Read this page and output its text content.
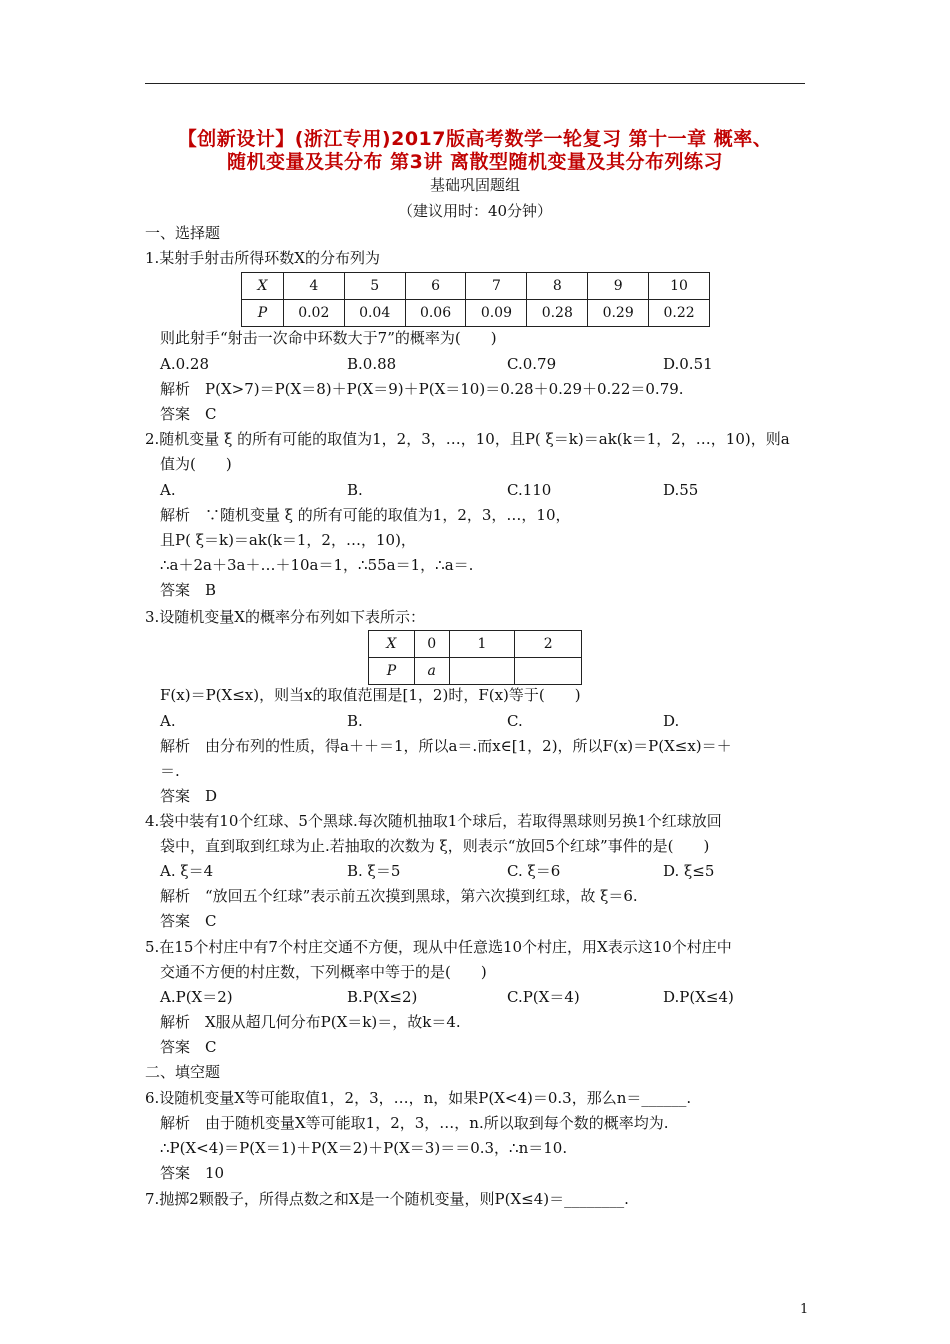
【创新设计】(浙江专用)2017版高考数学一轮复习 第十一章 概率、
随机变量及其分布 第3讲 离散型随机变量及其分布列练习
基础巩固题组
（建议用时：40分钟）
一、选择题
1.某射手射击所得环数X的分布列为
X	4	5	6	7	8	9	10
P	0.02	0.04	0.06	0.09	0.28	0.29	0.22
则此射手“射击一次命中环数大于7”的概率为(　　)
A.0.28	B.0.88	C.0.79	D.0.51
解析　P(X>7)＝P(X＝8)＋P(X＝9)＋P(X＝10)＝0.28＋0.29＋0.22＝0.79.
答案　C
2.随机变量 ξ 的所有可能的取值为1，2，3，…，10，且P( ξ＝k)＝ak(k＝1，2，…，10)，则a
值为(　　)
A.	B.	C.110	D.55
解析　∵随机变量 ξ 的所有可能的取值为1，2，3，…，10，
且P( ξ＝k)＝ak(k＝1，2，…，10)，
∴a＋2a＋3a＋…＋10a＝1，∴55a＝1，∴a＝.
答案　B
3.设随机变量X的概率分布列如下表所示：
X	0	1	2
P	a		
F(x)＝P(X≤x)，则当x的取值范围是[1，2)时，F(x)等于(　　)
A.	B.	C.	D.
解析　由分布列的性质，得a＋＋＝1，所以a＝.而x∈[1，2)，所以F(x)＝P(X≤x)＝＋
＝.
答案　D
4.袋中装有10个红球、5个黑球.每次随机抽取1个球后，若取得黑球则另换1个红球放回
袋中，直到取到红球为止.若抽取的次数为 ξ，则表示“放回5个红球”事件的是(　　)
A. ξ＝4	B. ξ＝5	C. ξ＝6	D. ξ≤5
解析　“放回五个红球”表示前五次摸到黑球，第六次摸到红球，故 ξ＝6.
答案　C
5.在15个村庄中有7个村庄交通不方便，现从中任意选10个村庄，用X表示这10个村庄中
交通不方便的村庄数，下列概率中等于的是(　　)
A.P(X＝2)	B.P(X≤2)	C.P(X＝4)	D.P(X≤4)
解析　X服从超几何分布P(X＝k)＝，故k＝4.
答案　C
二、填空题
6.设随机变量X等可能取值1，2，3，…，n，如果P(X<4)＝0.3，那么n＝______.
解析　由于随机变量X等可能取1，2，3，…，n.所以取到每个数的概率均为.
∴P(X<4)＝P(X＝1)＋P(X＝2)＋P(X＝3)＝＝0.3，∴n＝10.
答案　10
7.抛掷2颗骰子，所得点数之和X是一个随机变量，则P(X≤4)＝________.
1
